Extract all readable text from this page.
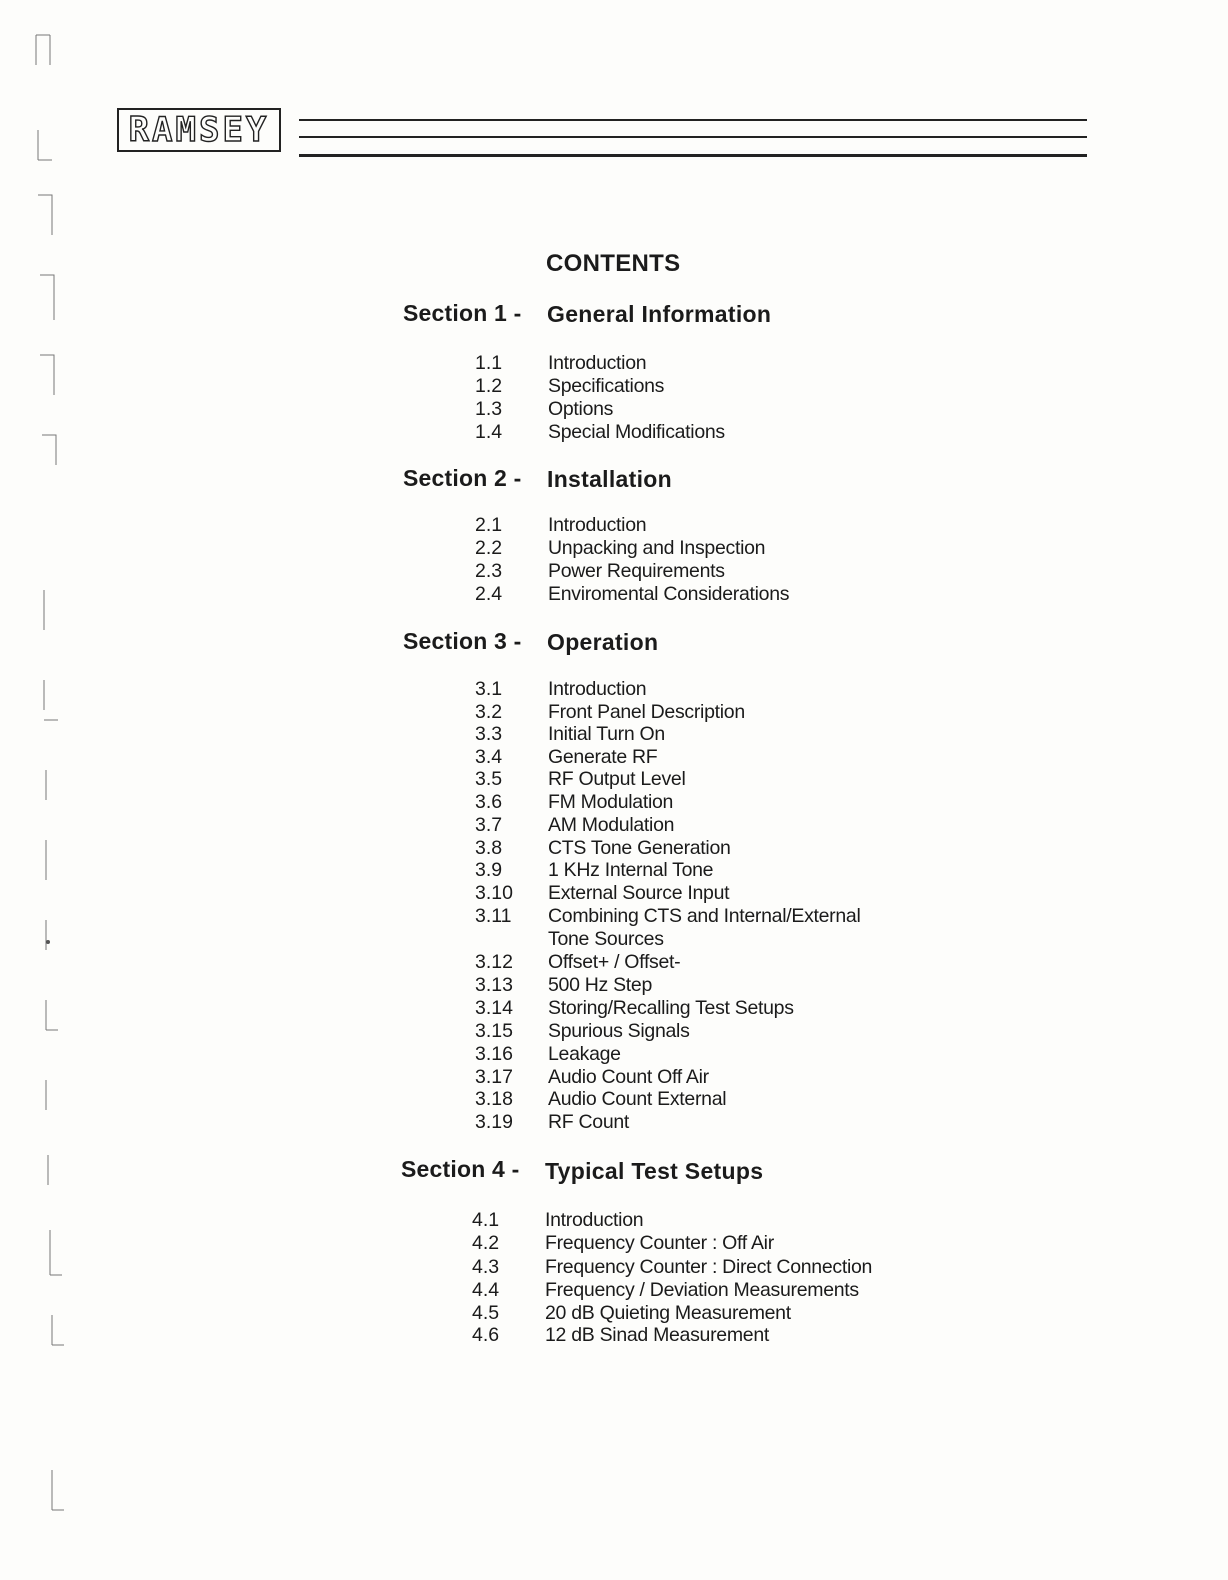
RAMSEY
CONTENTS
Section 1 - General Information
1.1 Introduction
1.2 Specifications
1.3 Options
1.4 Special Modifications
Section 2 - Installation
2.1 Introduction
2.2 Unpacking and Inspection
2.3 Power Requirements
2.4 Enviromental Considerations
Section 3 - Operation
3.1 Introduction
3.2 Front Panel Description
3.3 Initial Turn On
3.4 Generate RF
3.5 RF Output Level
3.6 FM Modulation
3.7 AM Modulation
3.8 CTS Tone Generation
3.9 1 KHz Internal Tone
3.10 External Source Input
3.11 Combining CTS and Internal/External
Tone Sources
3.12 Offset+ / Offset-
3.13 500 Hz Step
3.14 Storing/Recalling Test Setups
3.15 Spurious Signals
3.16 Leakage
3.17 Audio Count Off Air
3.18 Audio Count External
3.19 RF Count
Section 4 - Typical Test Setups
4.1 Introduction
4.2 Frequency Counter : Off Air
4.3 Frequency Counter : Direct Connection
4.4 Frequency / Deviation Measurements
4.5 20 dB Quieting Measurement
4.6 12 dB Sinad Measurement
